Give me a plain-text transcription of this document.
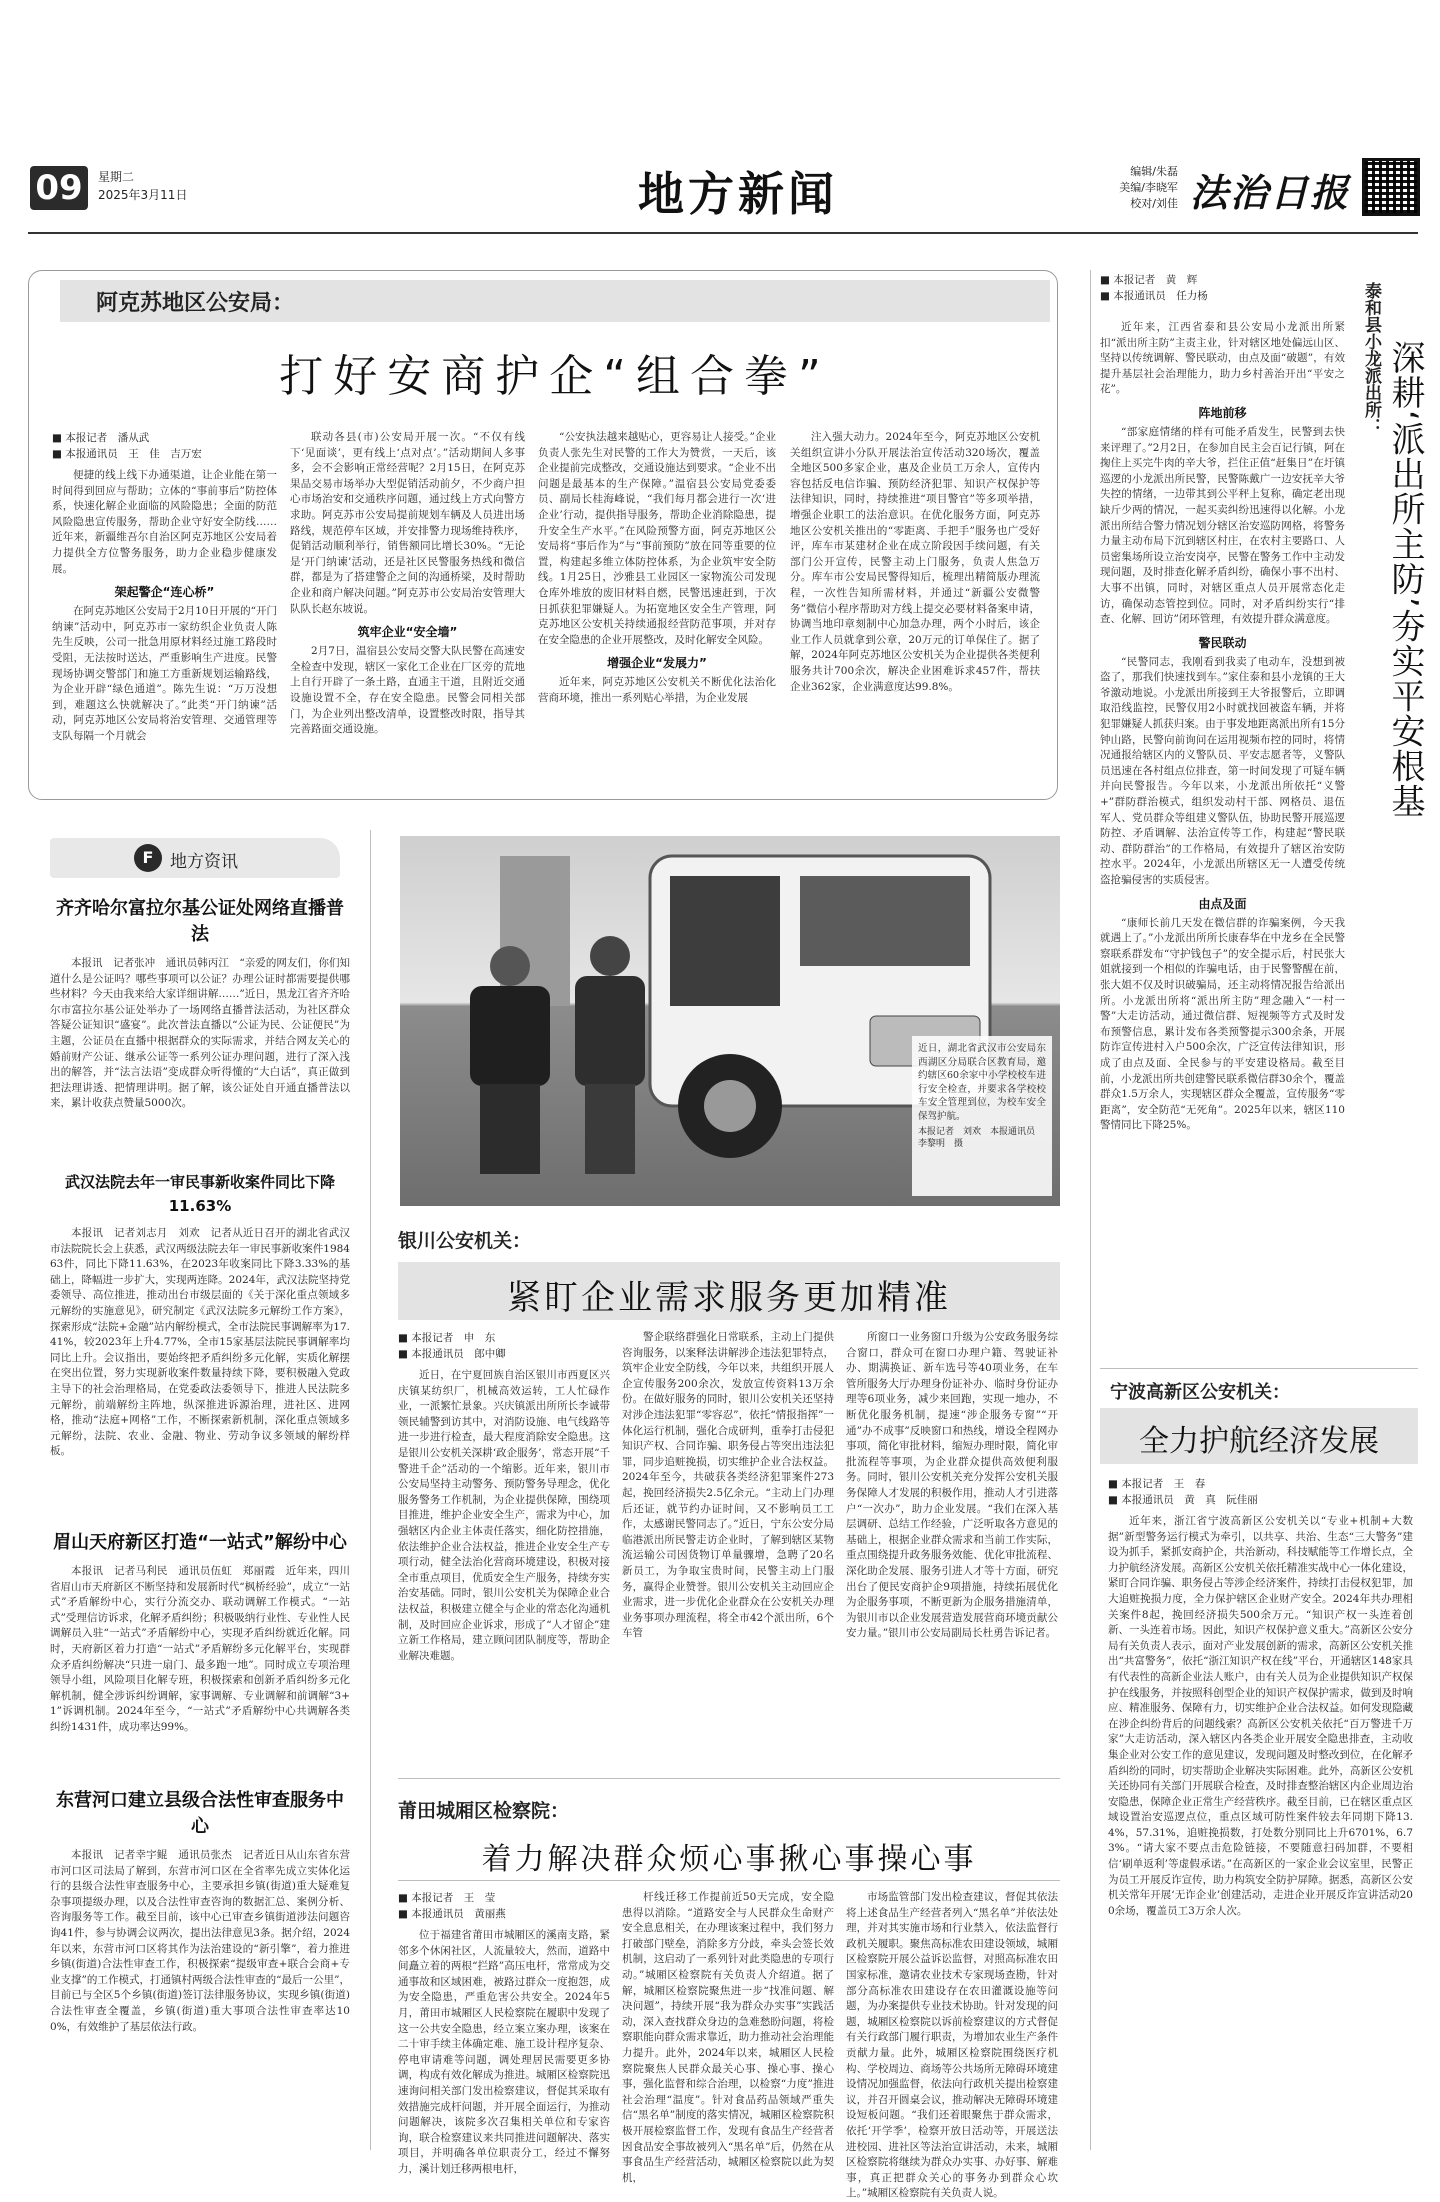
09	星期二
2025年3月11日	地方新闻	编辑/朱磊
美编/李晓军
校对/刘佳 法治日报
阿克苏地区公安局：
打好安商护企“组合拳”
■ 本报记者　潘从武
■ 本报通讯员　王　佳　吉万宏

便捷的线上线下办通渠道，让企业能在第一时间得到回应与帮助；立体的“事前事后”防控体系，快速化解企业面临的风险隐患；全面的防范风险隐患宣传服务，帮助企业守好安全防线……近年来，新疆维吾尔自治区阿克苏地区公安局着力提供全方位警务服务，助力企业稳步健康发展。

架起警企“连心桥”

在阿克苏地区公安局于2月10日开展的“开门纳谏”活动中，阿克苏市一家纺织企业负责人陈先生反映，公司一批急用原材料经过施工路段时受阻，无法按时送达，严重影响生产进度。民警现场协调交警部门和施工方重新规划运输路线，为企业开辟“绿色通道”。陈先生说：“万万没想到，难题这么快就解决了。”此类“开门纳谏”活动，阿克苏地区公安局将治安管理、交通管理等支队每隔一个月就会

联动各县(市)公安局开展一次。“不仅有线下‘见面谈’，更有线上‘点对点’。”活动期间人多事多，会不会影响正常经营呢？2月15日，在阿克苏果品交易市场举办大型促销活动前夕，不少商户担心市场治安和交通秩序问题，通过线上方式向警方求助。阿克苏市公安局提前规划车辆及人员进出场路线，规范停车区域，并安排警力现场维持秩序，促销活动顺利举行，销售额同比增长30%。“无论是‘开门纳谏’活动，还是社区民警服务热线和微信群，都是为了搭建警企之间的沟通桥梁，及时帮助企业和商户解决问题。”阿克苏市公安局治安管理大队队长赵东坡说。

筑牢企业“安全墙”

2月7日，温宿县公安局交警大队民警在高速安全检查中发现，辖区一家化工企业在厂区旁的荒地上自行开辟了一条土路，直通主干道，且附近交通设施设置不全，存在安全隐患。民警会同相关部门，为企业列出整改清单，设置整改时限，指导其完善路面交通设施。

“公安执法越来越贴心，更容易让人接受。”企业负责人张先生对民警的工作大为赞赏，一天后，该企业提前完成整改，交通设施达到要求。“企业不出问题是最基本的生产保障。”温宿县公安局党委委员、副局长桂海峰说，“我们每月都会进行一次‘进企业’行动，提供指导服务，帮助企业消除隐患，提升安全生产水平。”在风险预警方面，阿克苏地区公安局将“事后作为”与“事前预防”放在同等重要的位置，构建起多维立体防控体系，为企业筑牢安全防线。1月25日，沙雅县工业园区一家物流公司发现仓库外堆放的废旧材料自燃，民警迅速赶到，于次日抓获犯罪嫌疑人。为拓宽地区安全生产管理，阿克苏地区公安机关持续通报经营防范事项，并对存在安全隐患的企业开展整改，及时化解安全风险。

增强企业“发展力”

近年来，阿克苏地区公安机关不断优化法治化营商环境，推出一系列贴心举措，为企业发展

注入强大动力。2024年至今，阿克苏地区公安机关组织宣讲小分队开展法治宣传活动320场次，覆盖全地区500多家企业，惠及企业员工万余人，宣传内容包括反电信诈骗、预防经济犯罪、知识产权保护等法律知识，同时，持续推进“项目警官”等多项举措，增强企业职工的法治意识。在优化服务方面，阿克苏地区公安机关推出的“零距离、手把手”服务也广受好评，库车市某建材企业在成立阶段因手续问题，有关部门公开宣传，民警主动上门服务，负责人焦急万分。库车市公安局民警得知后，梳理出精简版办理流程，一次性告知所需材料，并通过“新疆公安微警务”微信小程序帮助对方线上提交必要材料备案申请，协调当地印章刻制中心加急办理，两个小时后，该企业工作人员就拿到公章，20万元的订单保住了。据了解，2024年阿克苏地区公安机关为企业提供各类便利服务共计700余次，解决企业困难诉求457件，帮扶企业362家，企业满意度达99.8%。

■ 本报记者　黄　辉
■ 本报通讯员　任力杨	泰和县小龙派出所： 深耕‘派出所主防’夯实平安根基

近年来，江西省泰和县公安局小龙派出所紧扣“派出所主防”主责主业，针对辖区地处偏远山区、坚持以传统调解、警民联动，由点及面“破题”，有效提升基层社会治理能力，助力乡村善治开出“平安之花”。

阵地前移

“部家庭情绪的样有可能矛盾发生，民警到去快来评理了。”2月2日，在参加自民主会百记行镇，阿在掬住上买完牛肉的辛大爷，拦住正值“赶集日”在圩镇巡逻的小龙派出所民警，民警陈戴广一边安抚辛大爷失控的情绪，一边带其到公平秤上复称，确定老出现缺斤少两的情况，一起买卖纠纷迅速得以化解。小龙派出所结合警力情况划分辖区治安巡防网格，将警务力量主动布局下沉到辖区村庄，在农村主要路口、人员密集场所设立治安岗亭，民警在警务工作中主动发现问题，及时排查化解矛盾纠纷，确保小事不出村、大事不出镇，同时，对辖区重点人员开展常态化走访，确保动态管控到位。同时，对矛盾纠纷实行“排查、化解、回访”闭环管理，有效提升群众满意度。

警民联动

“民警同志，我刚看到我卖了电动车，没想到被盗了，那我们快速找到车。”家住泰和县小龙镇的王大爷激动地说。小龙派出所接到王大爷报警后，立即调取沿线监控，民警仅用2小时就找回被盗车辆，并将犯罪嫌疑人抓获归案。由于事发地距离派出所有15分钟山路，民警向前询问在运用视频布控的同时，将情况通报给辖区内的义警队员、平安志愿者等，义警队员迅速在各村组点位排查，第一时间发现了可疑车辆并向民警报告。今年以来，小龙派出所依托“义警+”群防群治模式，组织发动村干部、网格员、退伍军人、党员群众等组建义警队伍，协助民警开展巡逻防控、矛盾调解、法治宣传等工作，构建起“警民联动、群防群治”的工作格局，有效提升了辖区治安防控水平。2024年，小龙派出所辖区无一人遭受传统盗抢骗侵害的实质侵害。

由点及面

“康师长前几天发在微信群的诈骗案例，今天我就遇上了。”小龙派出所所长康春华在中龙乡在全民警察联系群发布“守护钱包子”的安全提示后，村民张大姐就接到一个相似的诈骗电话，由于民警警醒在前，张大姐不仅及时识破骗局，还主动将情况报告给派出所。小龙派出所将“派出所主防”理念融入“一村一警”大走访活动，通过微信群、短视频等方式及时发布预警信息，累计发布各类预警提示300余条，开展防诈宣传进村入户500余次，广泛宣传法律知识，形成了由点及面、全民参与的平安建设格局。截至目前，小龙派出所共创建警民联系微信群30余个，覆盖群众1.5万余人，实现辖区群众全覆盖，宣传服务“零距离”，安全防范“无死角”。2025年以来，辖区110警情同比下降25%。

F 地方资讯
齐齐哈尔富拉尔基公证处网络直播普法

本报讯　记者张冲　通讯员韩丙江　“亲爱的网友们，你们知道什么是公证吗？哪些事项可以公证？办理公证时都需要提供哪些材料？今天由我来给大家详细讲解……”近日，黑龙江省齐齐哈尔市富拉尔基公证处举办了一场网络直播普法活动，为社区群众答疑公证知识“盛宴”。此次普法直播以“公证为民、公证便民”为主题，公证员在直播中根据群众的实际需求，并结合网友关心的婚前财产公证、继承公证等一系列公证办理问题，进行了深入浅出的解答，并“法言法语”变成群众听得懂的“大白话”，真正做到把法理讲透、把情理讲明。据了解，该公证处自开通直播普法以来，累计收获点赞量5000次。

武汉法院去年一审民事新收案件同比下降11.63%

本报讯　记者刘志月　刘欢　记者从近日召开的湖北省武汉市法院院长会上获悉，武汉两级法院去年一审民事新收案件198463件，同比下降11.63%，在2023年收案同比下降3.33%的基础上，降幅进一步扩大，实现两连降。2024年，武汉法院坚持党委领导、高位推进，推动出台市级层面的《关于深化重点领域多元解纷的实施意见》，研究制定《武汉法院多元解纷工作方案》，探索形成“法院+金融”站内解纷模式，全市法院民事调解率为17.41%，较2023年上升4.77%，全市15家基层法院民事调解率均同比上升。会议指出，要始终把矛盾纠纷多元化解，实质化解摆在突出位置，努力实现新收案件数量持续下降，要积极融入党政主导下的社会治理格局，在党委政法委领导下，推进人民法院多元解纷，前端解纷主阵地，纵深推进诉源治理，进社区、进网格，推动“法庭+网格”工作，不断探索新机制，深化重点领域多元解纷，法院、农业、金融、物业、劳动争议多领域的解纷样板。

眉山天府新区打造“一站式”解纷中心

本报讯　记者马利民　通讯员伍虹　郑丽霞　近年来，四川省眉山市天府新区不断坚持和发展新时代“枫桥经验”，成立“一站式”矛盾解纷中心，实行分流交办、联动调解工作模式。“一站式”受理信访诉求，化解矛盾纠纷；积极吸纳行业性、专业性人民调解员入驻“一站式”矛盾解纷中心，实现矛盾纠纷就近化解。同时，天府新区着力打造“一站式”矛盾解纷多元化解平台，实现群众矛盾纠纷解决“只进一扇门、最多跑一地”。同时成立专项治理领导小组，风险项目化解专班，积极探索和创新矛盾纠纷多元化解机制，健全涉诉纠纷调解，家事调解、专业调解和前调解“3+1”诉调机制。2024年至今，“一站式”矛盾解纷中心共调解各类纠纷1431件，成功率达99%。

东营河口建立县级合法性审查服务中心

本报讯　记者幸宇鲲　通讯员张杰　记者近日从山东省东营市河口区司法局了解到，东营市河口区在全省率先成立实体化运行的县级合法性审查服务中心，主要承担乡镇(街道)重大疑难复杂事项提级办理，以及合法性审查咨询的数据汇总、案例分析、咨询服务等工作。截至目前，该中心已审查乡镇街道涉法问题咨询41件，参与协调会议两次，提出法律意见3条。据介绍，2024年以来，东营市河口区将其作为法治建设的“新引擎”，着力推进乡镇(街道)合法性审查工作，积极探索“提级审查+联合会商+专业支撑”的工作模式，打通镇村两级合法性审查的“最后一公里”，目前已与全区5个乡镇(街道)签订法律服务协议，实现乡镇(街道)合法性审查全覆盖，乡镇(街道)重大事项合法性审查率达100%，有效维护了基层依法行政。

近日，湖北省武汉市公安局东西湖区分局联合区教育局，邀约辖区60余家中小学校校车进行安全检查，并要求各学校校车安全管理到位，为校车安全保驾护航。
本报记者　刘欢　本报通讯员　李黎明　摄
银川公安机关：
紧盯企业需求服务更加精准
■ 本报记者　申　东
■ 本报通讯员　郎中卿

近日，在宁夏回族自治区银川市西夏区兴庆镇某纺织厂，机械高效运转，工人忙碌作业，一派繁忙景象。兴庆镇派出所所长李诚带领民辅警到访其中，对消防设施、电气线路等进一步进行检查，最大程度消除安全隐患。这是银川公安机关深耕‘政企服务’，常态开展“千警进千企”活动的一个缩影。近年来，银川市公安局坚持主动警务、预防警务导理念，优化服务警务工作机制，为企业提供保障，围绕项目推进，维护企业安全生产，需求为中心，加强辖区内企业主体责任落实，细化防控措施，依法维护企业合法权益，推进企业安全生产专项行动，健全法治化营商环境建设，积极对接全市重点项目，优质安全生产服务，持续夯实治安基础。同时，银川公安机关为保障企业合法权益，积极建立健全与企业的常态化沟通机制，及时回应企业诉求，形成了“人才留企”建立新工作格局，建立顾问团队制度等，帮助企业解决难题。

警企联络群强化日常联系，主动上门提供咨询服务，以案释法讲解涉企违法犯罪特点，筑牢企业安全防线，今年以来，共组织开展人企宣传服务200余次，发放宣传资料13万余份。在做好服务的同时，银川公安机关还坚持对涉企违法犯罪“零容忍”，依托“情报指挥”一体化运行机制，强化合成研判，重拳打击侵犯知识产权、合同诈骗、职务侵占等突出违法犯罪，同步追赃挽损，切实维护企业合法权益。2024年至今，共破获各类经济犯罪案件273起，挽回经济损失2.5亿余元。“主动上门办理后还证，就节约办证时间，又不影响员工工作，太感谢民警同志了。”近日，宁东公安分局临港派出所民警走访企业时，了解到辖区某物流运输公司因货物订单量骤增，急聘了20名新员工，为争取宝贵时间，民警主动上门服务，赢得企业赞誉。银川公安机关主动回应企业需求，进一步优化企业群众在公安机关办理业务事项办理流程，将全市42个派出所，6个车管

所窗口一业务窗口升级为公安政务服务综合窗口，群众可在窗口办理户籍、驾驶证补办、期满换证、新车选号等40项业务，在车管所服务大厅办理身份证补办、临时身份证办理等6项业务，减少来回跑，实现一地办，不断优化服务机制，提速“涉企服务专窗”“开通”办不成事”反映窗口和热线，增设全程网办事项，简化审批材料，缩短办理时限，简化审批流程等事项，为企业群众提供高效便利服务。同时，银川公安机关充分发挥公安机关服务保障人才发展的积极作用，推动人才引进落户“一次办”，助力企业发展。“我们在深入基层调研、总结工作经验，广泛听取各方意见的基础上，根据企业群众需求和当前工作实际，重点围绕提升政务服务效能、优化审批流程、深化助企发展、服务引进人才等十方面，研究出台了便民安商护企9项措施，持续拓展优化为企服务事项，不断更新为企服务措施清单，为银川市以企业发展营造发展营商环境贡献公安力量。”银川市公安局副局长杜勇告诉记者。

莆田城厢区检察院：
着力解决群众烦心事揪心事操心事
■ 本报记者　王　莹
■ 本报通讯员　黄丽燕

位于福建省莆田市城厢区的溪南支路，紧邻多个休闲社区，人流量较大，然而，道路中间矗立着的两根“拦路”高压电杆，常常成为交通事故和区域困难，被路过群众一度抱怨，成为安全隐患，严重危害公共安全。2024年5月，莆田市城厢区人民检察院在履职中发现了这一公共安全隐患，经立案立案办理，该案在二十审手续主体确定难、施工设计程序复杂、停电审请难等问题，调处理居民需要更多协调，构成有效化解成为推进。城厢区检察院迅速询问相关部门发出检察建议，督促其采取有效措施完成杆问题，并开展全面运行，为推动问题解决，该院多次召集相关单位和专家咨询，联合检察建议来共同推进问题解决、落实项目，并明确各单位职责分工，经过不懈努力，溪计划迁移两根电杆，

杆线迁移工作提前近50天完成，安全隐患得以消除。“道路安全与人民群众生命财产安全息息相关，在办理该案过程中，我们努力打破部门壁垒，消除多方分歧，牵头会签长效机制，这启动了一系列针对此类隐患的专项行动。”城厢区检察院有关负责人介绍道。据了解，城厢区检察院聚焦进一步“找准问题、解决问题”，持续开展“我为群众办实事”实践活动，深入查找群众身边的急难愁盼问题，将检察职能向群众需求靠近，助力推动社会治理能力提升。此外，2024年以来，城厢区人民检察院聚焦人民群众最关心事、操心事、操心事，强化监督和综合治理，以检察“力度”推进社会治理“温度”。针对食品药品领域严重失信“黑名单”制度的落实情况，城厢区检察院积极开展检察监督工作，发现有食品生产经营者因食品安全事故被列入“黑名单”后，仍然在从事食品生产经营活动，城厢区检察院以此为契机，

市场监管部门发出检查建议，督促其依法将上述食品生产经营者列入“黑名单”并依法处理，并对其实施市场和行业禁入，依法监督行政机关履职。聚焦高标准农田建设领域，城厢区检察院开展公益诉讼监督，对照高标准农田国家标准，邀请农业技术专家现场查勘，针对部分高标准农田建设存在农田灌溉设施等问题，为办案提供专业技术协助。针对发现的问题，城厢区检察院以诉前检察建议的方式督促有关行政部门履行职责，为增加农业生产条件贡献力量。此外，城厢区检察院围绕医疗机构、学校周边、商场等公共场所无障碍环境建设情况加强监督，依法向行政机关提出检察建议，并召开圆桌会议，推动解决无障碍环境建设短板问题。“我们还着眼聚焦于群众需求，依托‘开学季’，检察开放日活动等，开展送法进校园、进社区等法治宣讲活动，未来，城厢区检察院将继续为群众办实事、办好事、解难事，真正把群众关心的事务办到群众心坎上。”城厢区检察院有关负责人说。

宁波高新区公安机关：
全力护航经济发展
■ 本报记者　王　春
■ 本报通讯员　黄　真　阮佳丽

近年来，浙江省宁波高新区公安机关以“专业+机制+大数据”新型警务运行模式为牵引，以共享、共治、生态“三大警务”建设为抓手，紧抓安商护企，共治新动，科技赋能等工作增长点，全力护航经济发展。高新区公安机关依托精准实战中心一体化建设，紧盯合同诈骗、职务侵占等涉企经济案件，持续打击侵权犯罪，加大追赃挽损力度，全力保护辖区企业财产安全。2024年共办理相关案件8起，挽回经济损失500余万元。“知识产权一头连着创新、一头连着市场。因此，知识产权保护意义重大。”高新区公安分局有关负责人表示，面对产业发展创新的需求，高新区公安机关推出“共富警务”，依托“浙江知识产权在线”平台，开通辖区148家具有代表性的高新企业法人账户，由有关人员为企业提供知识产权保护在线服务，并按照科创型企业的知识产权保护需求，做到及时响应、精准服务、保障有力，切实维护企业合法权益。如何发现隐藏在涉企纠纷背后的问题线索？高新区公安机关依托“百万警进千万家”大走访活动，深入辖区内各类企业开展安全隐患排查，主动收集企业对公安工作的意见建议，发现问题及时整改到位，在化解矛盾纠纷的同时，切实帮助企业解决实际困难。此外，高新区公安机关还协同有关部门开展联合检查，及时排查整治辖区内企业周边治安隐患，保障企业正常生产经营秩序。截至目前，已在辖区重点区域设置治安巡逻点位，重点区域可防性案件较去年同期下降13.4%，57.31%，追赃挽损数，打处数分别同比上升6701%，6.73%。“请大家不要点击危险链接，不要随意扫码加群，不要相信‘刷单返利’等虚假承诺。”在高新区的一家企业会议室里，民警正为员工开展反诈宣传，助力构筑安全防护屏障。据悉，高新区公安机关常年开展‘无诈企业’创建活动，走进企业开展反诈宣讲活动200余场，覆盖员工3万余人次。
